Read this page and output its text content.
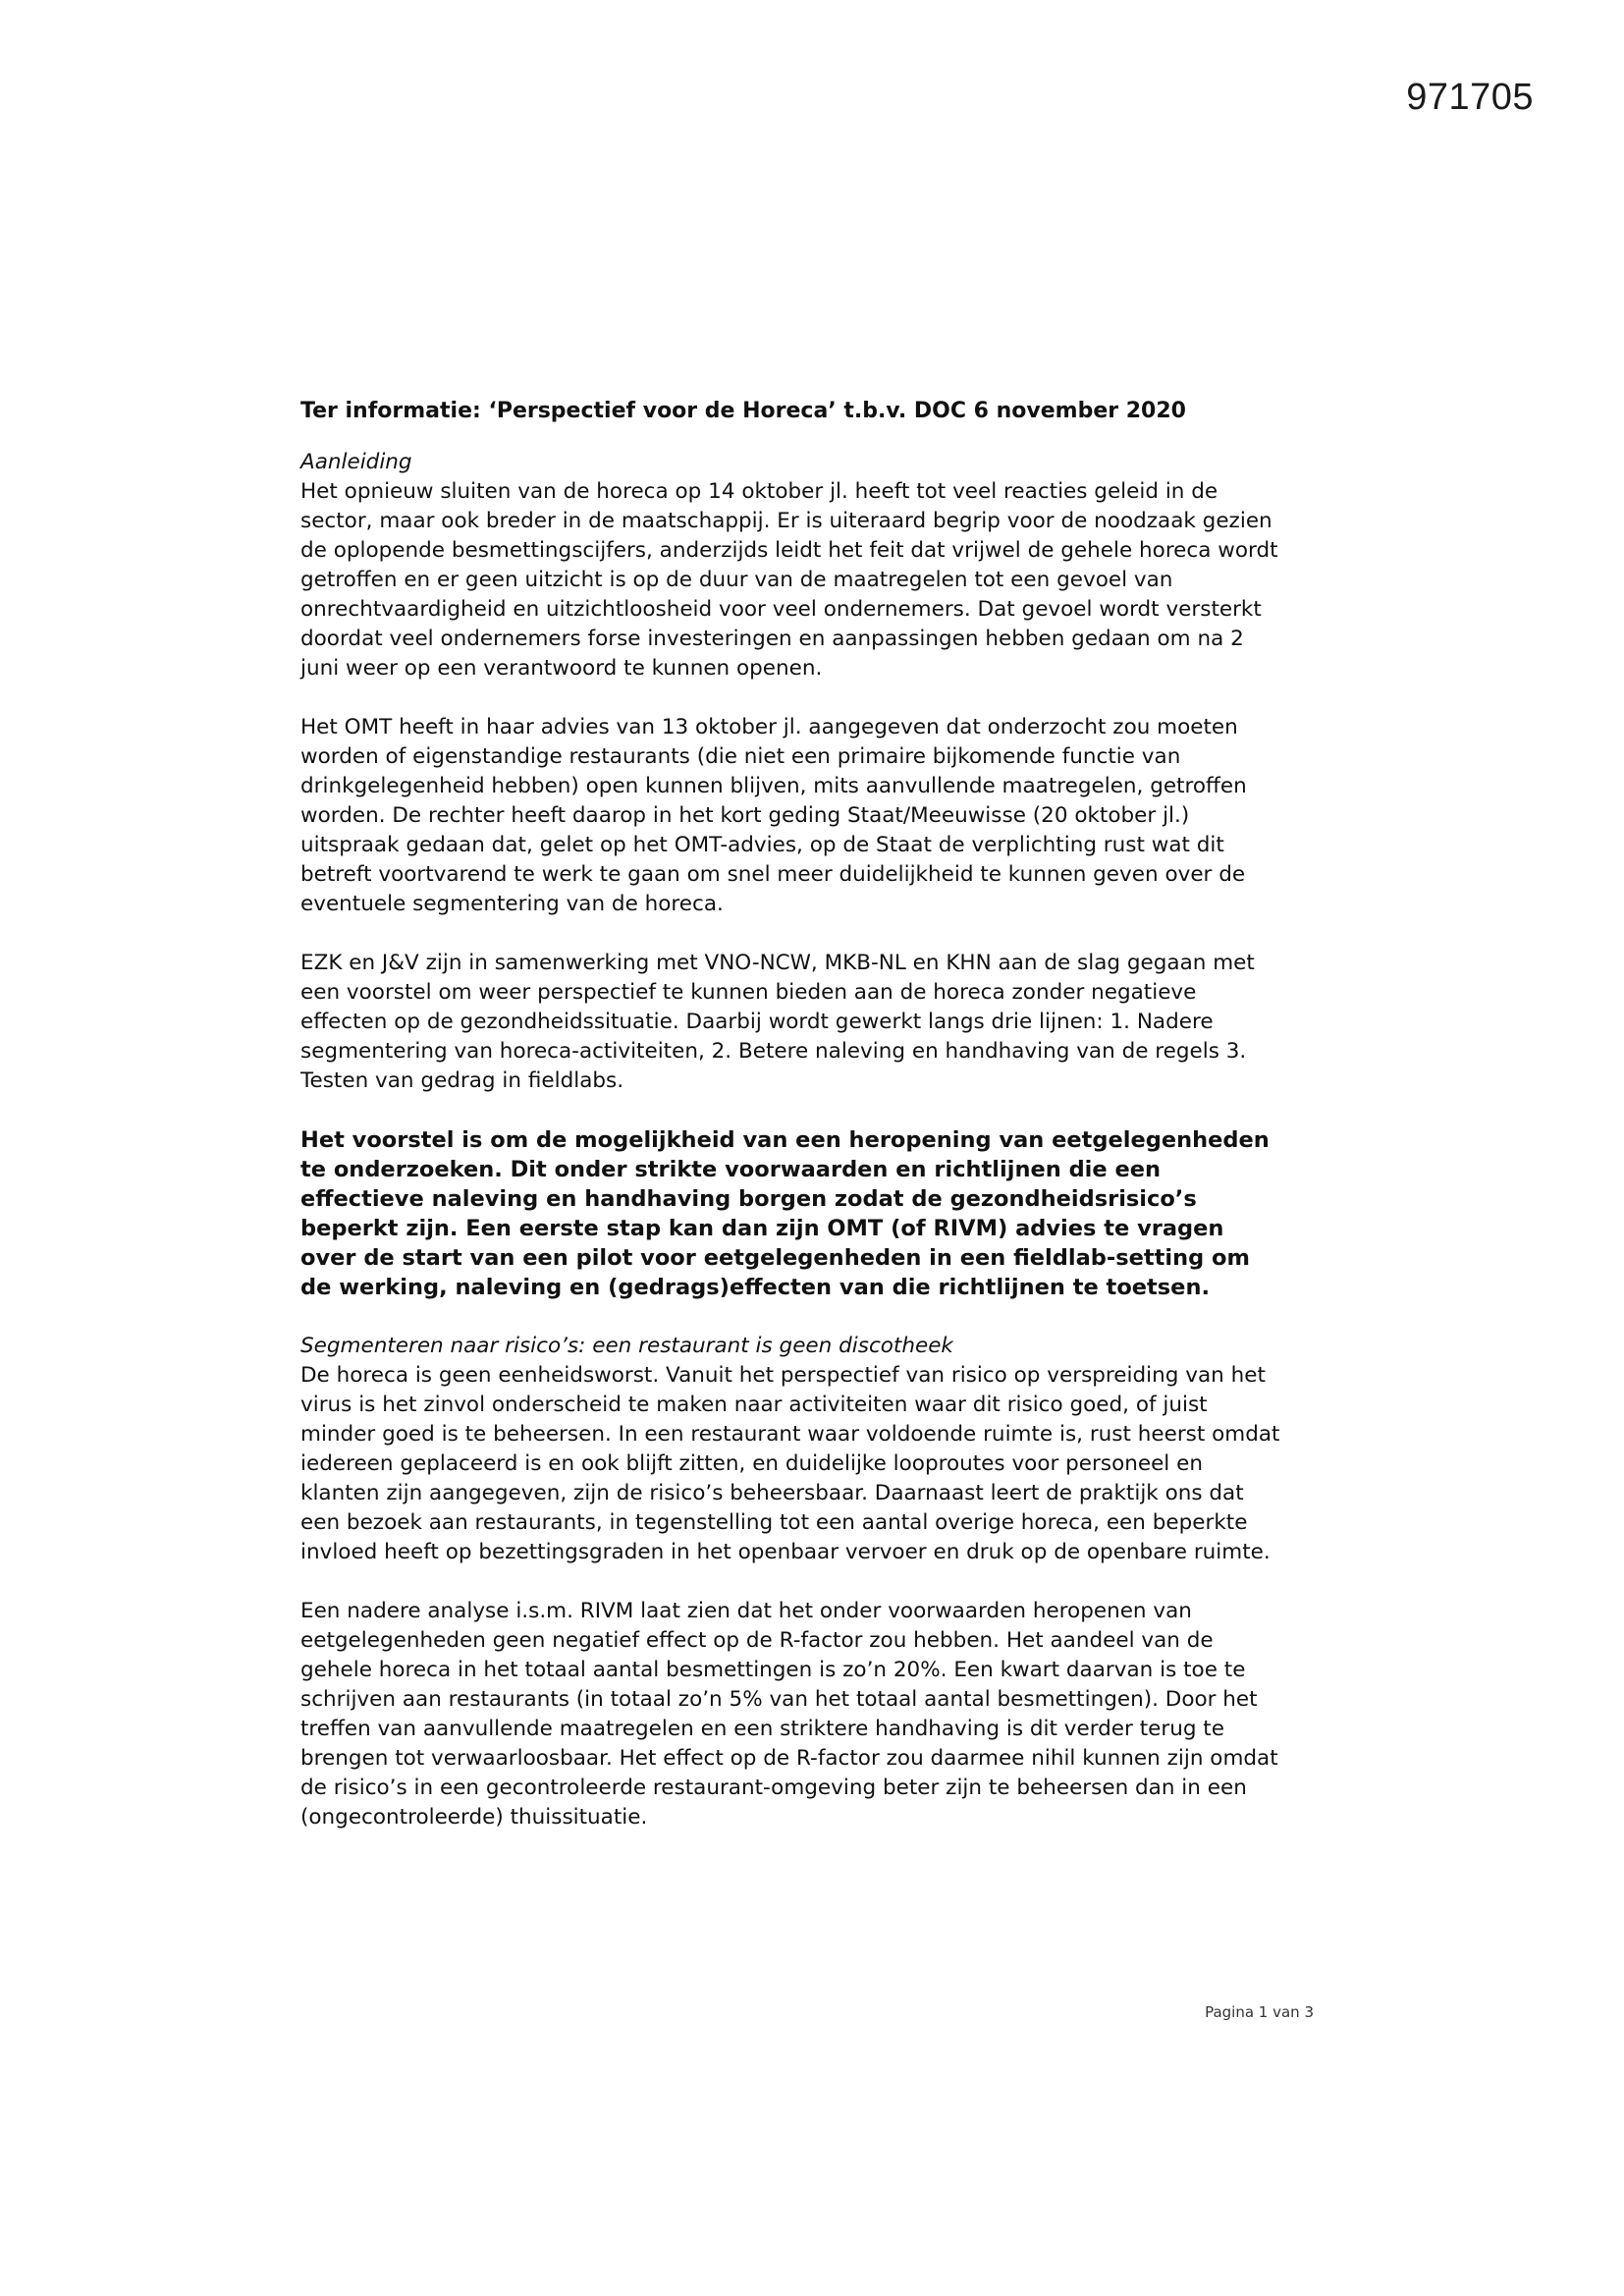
971705
Ter informatie: ‘Perspectief voor de Horeca’ t.b.v. DOC 6 november 2020
Aanleiding

Het opnieuw sluiten van de horeca op 14 oktober jl. heeft tot veel reacties geleid in de sector, maar ook breder in de maatschappij. Er is uiteraard begrip voor de noodzaak gezien de oplopende besmettingscijfers, anderzijds leidt het feit dat vrijwel de gehele horeca wordt getroffen en er geen uitzicht is op de duur van de maatregelen tot een gevoel van onrechtvaardigheid en uitzichtloosheid voor veel ondernemers. Dat gevoel wordt versterkt doordat veel ondernemers forse investeringen en aanpassingen hebben gedaan om na 2 juni weer op een verantwoord te kunnen openen.

Het OMT heeft in haar advies van 13 oktober jl. aangegeven dat onderzocht zou moeten worden of eigenstandige restaurants (die niet een primaire bijkomende functie van drinkgelegenheid hebben) open kunnen blijven, mits aanvullende maatregelen, getroffen worden. De rechter heeft daarop in het kort geding Staat/Meeuwisse (20 oktober jl.) uitspraak gedaan dat, gelet op het OMT-advies, op de Staat de verplichting rust wat dit betreft voortvarend te werk te gaan om snel meer duidelijkheid te kunnen geven over de eventuele segmentering van de horeca.

EZK en J&V zijn in samenwerking met VNO-NCW, MKB-NL en KHN aan de slag gegaan met een voorstel om weer perspectief te kunnen bieden aan de horeca zonder negatieve effecten op de gezondheidssituatie. Daarbij wordt gewerkt langs drie lijnen: 1. Nadere segmentering van horeca-activiteiten, 2. Betere naleving en handhaving van de regels 3. Testen van gedrag in fieldlabs.

Het voorstel is om de mogelijkheid van een heropening van eetgelegenheden te onderzoeken. Dit onder strikte voorwaarden en richtlijnen die een effectieve naleving en handhaving borgen zodat de gezondheidsrisico’s beperkt zijn. Een eerste stap kan dan zijn OMT (of RIVM) advies te vragen over de start van een pilot voor eetgelegenheden in een fieldlab-setting om de werking, naleving en (gedrags)effecten van die richtlijnen te toetsen.

Segmenteren naar risico’s: een restaurant is geen discotheek

De horeca is geen eenheidsworst. Vanuit het perspectief van risico op verspreiding van het virus is het zinvol onderscheid te maken naar activiteiten waar dit risico goed, of juist minder goed is te beheersen. In een restaurant waar voldoende ruimte is, rust heerst omdat iedereen geplaceerd is en ook blijft zitten, en duidelijke looproutes voor personeel en klanten zijn aangegeven, zijn de risico’s beheersbaar. Daarnaast leert de praktijk ons dat een bezoek aan restaurants, in tegenstelling tot een aantal overige horeca, een beperkte invloed heeft op bezettingsgraden in het openbaar vervoer en druk op de openbare ruimte.

Een nadere analyse i.s.m. RIVM laat zien dat het onder voorwaarden heropenen van eetgelegenheden geen negatief effect op de R-factor zou hebben. Het aandeel van de gehele horeca in het totaal aantal besmettingen is zo’n 20%. Een kwart daarvan is toe te schrijven aan restaurants (in totaal zo’n 5% van het totaal aantal besmettingen). Door het treffen van aanvullende maatregelen en een striktere handhaving is dit verder terug te brengen tot verwaarloosbaar. Het effect op de R-factor zou daarmee nihil kunnen zijn omdat de risico’s in een gecontroleerde restaurant-omgeving beter zijn te beheersen dan in een (ongecontroleerde) thuissituatie.

Pagina 1 van 3
